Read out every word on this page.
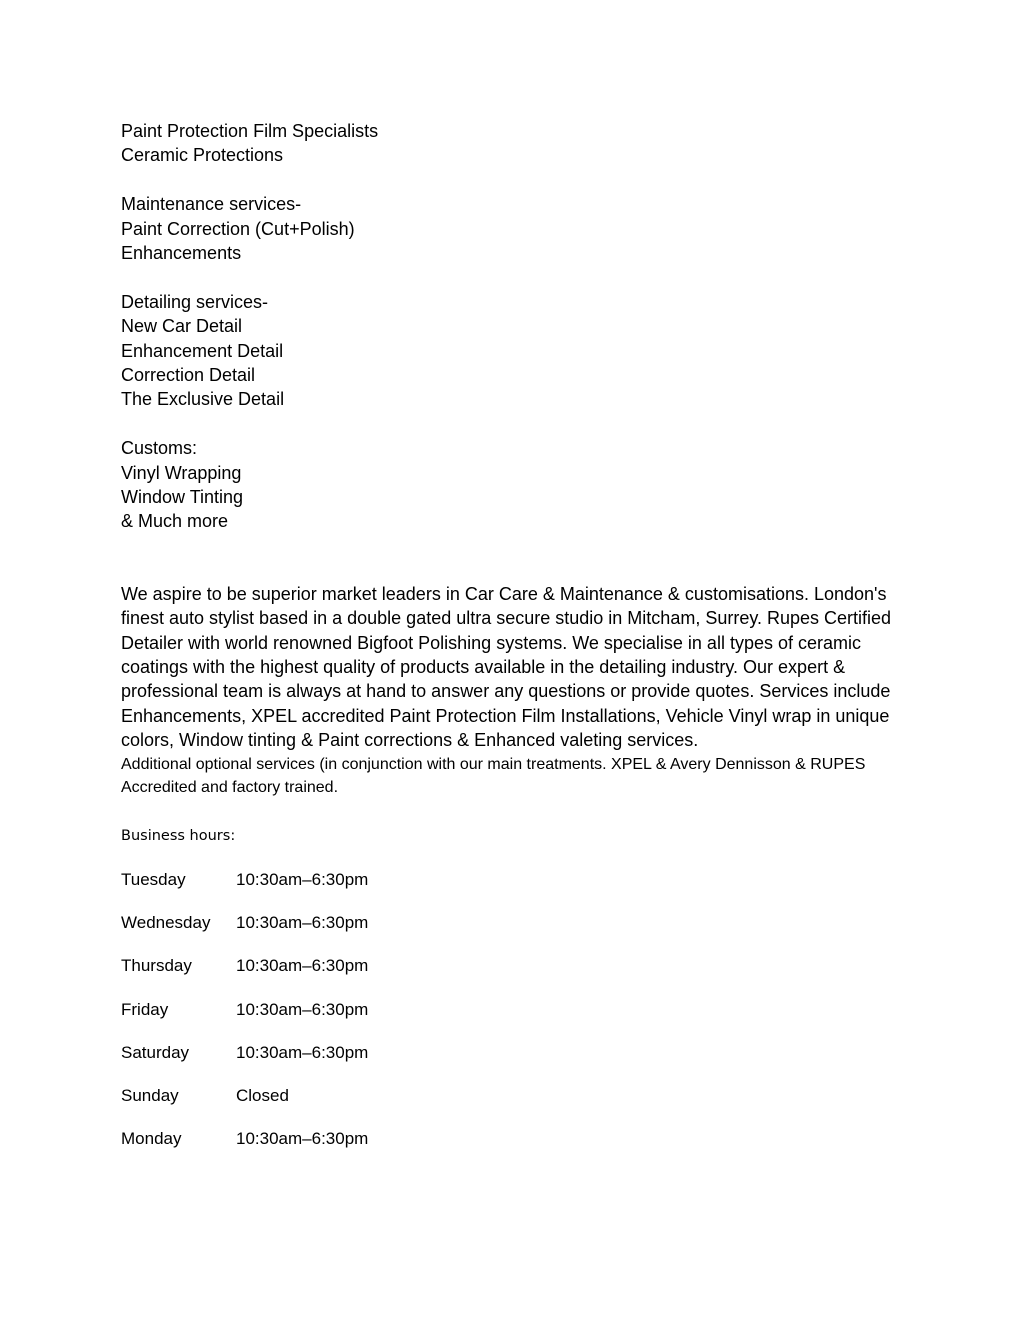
Paint Protection Film Specialists
Ceramic Protections
Maintenance services-
Paint Correction (Cut+Polish)
Enhancements
Detailing services-
New Car Detail
Enhancement Detail
Correction Detail
The Exclusive Detail
Customs:
Vinyl Wrapping
Window Tinting
& Much more

We aspire to be superior market leaders in Car Care & Maintenance & customisations. London's finest auto stylist based in a double gated ultra secure studio in Mitcham, Surrey. Rupes Certified Detailer with world renowned Bigfoot Polishing systems. We specialise in all types of ceramic coatings with the highest quality of products available in the detailing industry. Our expert & professional team is always at hand to answer any questions or provide quotes. Services include Enhancements, XPEL accredited Paint Protection Film Installations, Vehicle Vinyl wrap in unique colors, Window tinting & Paint corrections & Enhanced valeting services.

Additional optional services (in conjunction with our main treatments. XPEL & Avery Dennisson & RUPES Accredited and factory trained.

Business hours:
Tuesday	10:30am–6:30pm
Wednesday	10:30am–6:30pm
Thursday	10:30am–6:30pm
Friday	10:30am–6:30pm
Saturday	10:30am–6:30pm
Sunday	Closed
Monday	10:30am–6:30pm
